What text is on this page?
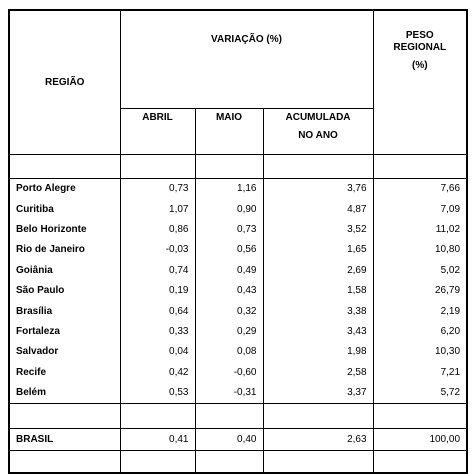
REGIÃO	VARIAÇÃO (%)			PESO
REGIONAL
(%)

	ABRIL	MAIO	ACUMULADA
NO ANO	

Porto Alegre	0,73	1,16	3,76	7,66
Curitiba	1,07	0,90	4,87	7,09
Belo Horizonte	0,86	0,73	3,52	11,02
Rio de Janeiro	-0,03	0,56	1,65	10,80
Goiânia	0,74	0,49	2,69	5,02
São Paulo	0,19	0,43	1,58	26,79
Brasília	0,64	0,32	3,38	2,19
Fortaleza	0,33	0,29	3,43	6,20
Salvador	0,04	0,08	1,98	10,30
Recife	0,42	-0,60	2,58	7,21
Belém	0,53	-0,31	3,37	5,72

BRASIL	0,41	0,40	2,63	100,00
